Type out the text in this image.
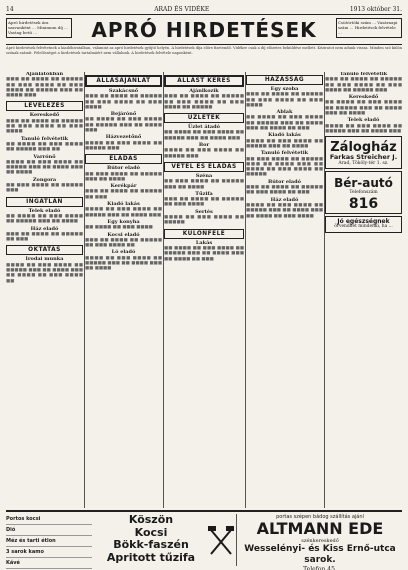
14	ARAD ÉS VIDÉKE	1913 október 31.
Apró hirdetések ára szavanként ... Minimum díj ... Vastag betű ...	APRÓ HIRDETÉSEK	Csütörtöki szám ... Vasárnapi szám ... Hirdetések felvétele ...
Apró hirdetések felvétetnek a kiadóhivatalban, valamint az apró hirdetések gyűjtő helyén. A hirdetések díja előre fizetendő. Vidékre csak a díj előzetes beküldése mellett. Kéziratot nem adunk vissza. Minden szó külön szónak számít. Felelősséget a hirdetések tartalmáért nem vállalunk. A hirdetések felvétele naponként.
Ajánlatokban
■■■ ■■ ■■■■ ■■ ■■■■■ ■■ ■■■ ■■■■ ■■ ■■■ ■■■■ ■■ ■■■■■ ■■■ ■■ ■■■■ ■■■
LEVELEZÉS
Kereskedő
■■■ ■■ ■■■■ ■■ ■■■■■ ■■ ■■■ ■■■■ ■■ ■■■ ■■■■
Tanuló felvétetik
■■ ■■■■ ■■ ■■■ ■■■■ ■■ ■■■■■ ■■■ ■■
Varrónő
■■■■ ■■ ■■■ ■■■■ ■■ ■■■■■ ■■■ ■■ ■■■■ ■■■ ■■ ■■■■
Zongora
■■ ■■■ ■■■■ ■■ ■■■■■ ■■■
INGATLAN
Telek eladó
■■ ■■■■ ■■ ■■■ ■■■■ ■■ ■■■■■ ■■■ ■■ ■■■■
Ház eladó
■■■ ■■ ■■■■ ■■ ■■■■■ ■■ ■■■
OKTATÁS
Irodai munka
■■■■ ■■ ■■■ ■■■■ ■■ ■■■■■ ■■■ ■■ ■■■■ ■■■ ■■ ■■■■ ■■ ■■■ ■■■■ ■■
ÁLLÁSAJÁNLAT
Szakácsnő
■■■ ■■ ■■■■ ■■ ■■■■■ ■■ ■■■ ■■■■ ■■ ■■■ ■■■■
Bejárónő
■■ ■■■■ ■■ ■■■ ■■■■ ■■ ■■■■■ ■■■ ■■ ■■■■ ■■■
Házvezetőnő
■■■■ ■■ ■■■ ■■■■ ■■ ■■■■■ ■■■
ELADÁS
Bútor eladó
■■ ■■■ ■■■■ ■■ ■■■■■ ■■■ ■■ ■■■■
Kerékpár
■■■ ■■ ■■■■ ■■ ■■■■■ ■■ ■■■
Kiadó lakás
■■■■ ■■ ■■■ ■■■■ ■■ ■■■■■ ■■■ ■■ ■■■■ ■■■
Egy konyha
■■ ■■■■ ■■ ■■■ ■■■■
Kocsi eladó
■■■ ■■ ■■■■ ■■ ■■■■■ ■■ ■■■ ■■■■ ■■
Ló eladó
■■■■ ■■ ■■■ ■■■■ ■■ ■■■■■ ■■■ ■■ ■■■■ ■■■ ■■ ■■■■
ÁLLÁST KERES
Ajánlkozik
■■■ ■■ ■■■■ ■■ ■■■■■ ■■ ■■■ ■■■■ ■■ ■■■ ■■■■ ■■ ■■■■■
ÜZLETEK
Üzlet átadó
■■ ■■■■ ■■ ■■■ ■■■■ ■■ ■■■■■ ■■■ ■■ ■■■■ ■■■
Bor
■■■■ ■■ ■■■ ■■■■ ■■ ■■■■■ ■■■
VÉTEL ÉS ELADÁS
Széna
■■ ■■■ ■■■■ ■■ ■■■■■ ■■■ ■■ ■■■■
Tűzifa
■■■ ■■ ■■■■ ■■ ■■■■■ ■■ ■■■ ■■■■
Sertés
■■■■ ■■ ■■■ ■■■■ ■■ ■■■■■
KÜLÖNFÉLE
Lakás
■■ ■■■■ ■■ ■■■ ■■■■ ■■ ■■■■■ ■■■ ■■ ■■■■ ■■■ ■■ ■■■■ ■■ ■■■
HÁZASSÁG
Egy szoba
■■■ ■■ ■■■■ ■■ ■■■■■ ■■ ■■■ ■■■■ ■■ ■■■ ■■■■
Ablak
■■ ■■■■ ■■ ■■■ ■■■■ ■■ ■■■■■ ■■■ ■■ ■■■■ ■■■ ■■ ■■■■ ■■ ■■■
Kiadó lakás
■■■■ ■■ ■■■ ■■■■ ■■ ■■■■■ ■■■ ■■ ■■■■
Tanuló felvétetik
■■ ■■■ ■■■■ ■■ ■■■■■ ■■■ ■■ ■■■■ ■■■ ■■ ■■■■ ■■ ■■■ ■■■■ ■■ ■■■■■
Bútor eladó
■■■ ■■ ■■■■ ■■ ■■■■■ ■■ ■■■ ■■■■ ■■ ■■■
Ház eladó
■■■■ ■■ ■■■ ■■■■ ■■ ■■■■■ ■■■ ■■ ■■■■ ■■■ ■■ ■■■■ ■■ ■■■ ■■■■
Tanuló felvétetik
■■■ ■■ ■■■■ ■■ ■■■■■ ■■ ■■■ ■■■■ ■■ ■■■ ■■■■ ■■ ■■■■■ ■■■
Kereskedő
■■ ■■■■ ■■ ■■■ ■■■■ ■■ ■■■■■ ■■■ ■■ ■■■■ ■■■ ■■ ■■■■
Telek eladó
■■■■ ■■ ■■■ ■■■■ ■■ ■■■■■ ■■■ ■■ ■■■■ ■■■
Zálogház
Farkas Streicher J.
Arad, Tököly-tér 1. sz.
Bér-autó
Telefonszám
816
Jó egészségnek
örvendhet mindenki, ha ...
Portos kocsi
Dió
Méz és tarti étlon
3 sarok kamo
Kávé
Köszön
Kocsi
Bökk-faszén
Apritott tűzifa
portas szépen bádog szállítás ajánl
ALTMANN EDE
szénkereskedő
Wesselényi- és Kiss Ernő-utca sarok.
Telefon 45.
